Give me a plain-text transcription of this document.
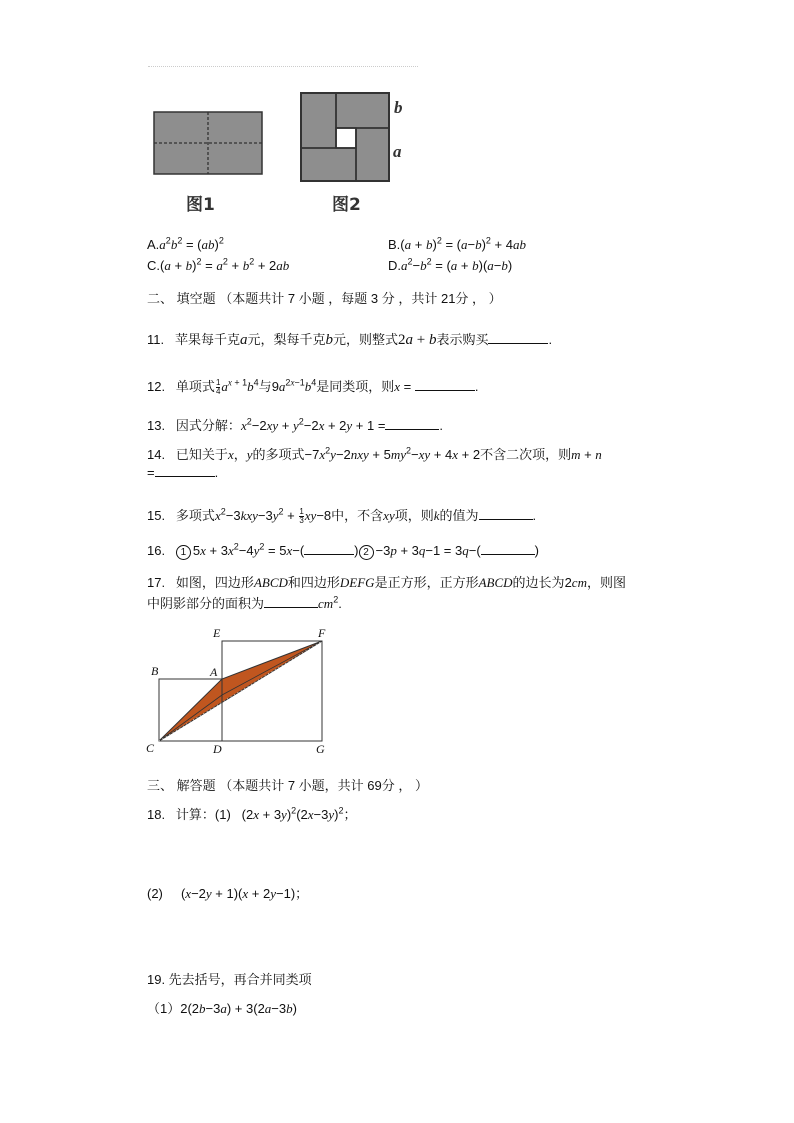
图1
b
a
图2
$A.a^2b^2 = (ab)^2$	$B.(a + b)^2 = (a-b)^2 + 4ab$
$C.(a + b)^2 = a^2 + b^2 + 2ab$	$D.a^2-b^2 = (a + b)(a-b)$
二、 填空题 （本题共计 7 小题 ，每题 3 分 ，共计 21分 ， ）
11. 苹果每千克a元，梨每千克b元，则整式2a + b表示购买	.
12. 单项式 $\frac{1}{4} a^{x + 1}b^4$与$9a^{2x-1}b^4$是同类项，则x =	.
13. 因式分解：$x^2-2xy + y^2-2x + 2y + 1$ =	.
14. 已知关于x，y的多项式$-7x^2y-2nxy + 5my^2-xy + 4x + 2$不含二次项，则m + n
=	.
15. 多项式$x^2-3kxy-3y^2 + \frac{1}{3} xy-8$中，不含xy项，则k的值为	.
16. 1 $5x + 3x^2-4y^2 = 5x-$(	) 2 −3p + 3q−1 = 3q−(	)
17. 如图，四边形ABCD和四边形DEFG是正方形，正方形ABCD的边长为2cm，则图
中阴影部分的面积为	$cm^2$.
E	F
B	A
C	D	G
三、 解答题 （本题共计 7 小题，共计 69分 ， ）
18. 计算：(1)   $(2x + 3y)^2(2x-3y)^2$；
(2)     (x−2y + 1)(x + 2y−1)；
19. 先去括号，再合并同类项
（1）2(2b−3a) + 3(2a−3b)
